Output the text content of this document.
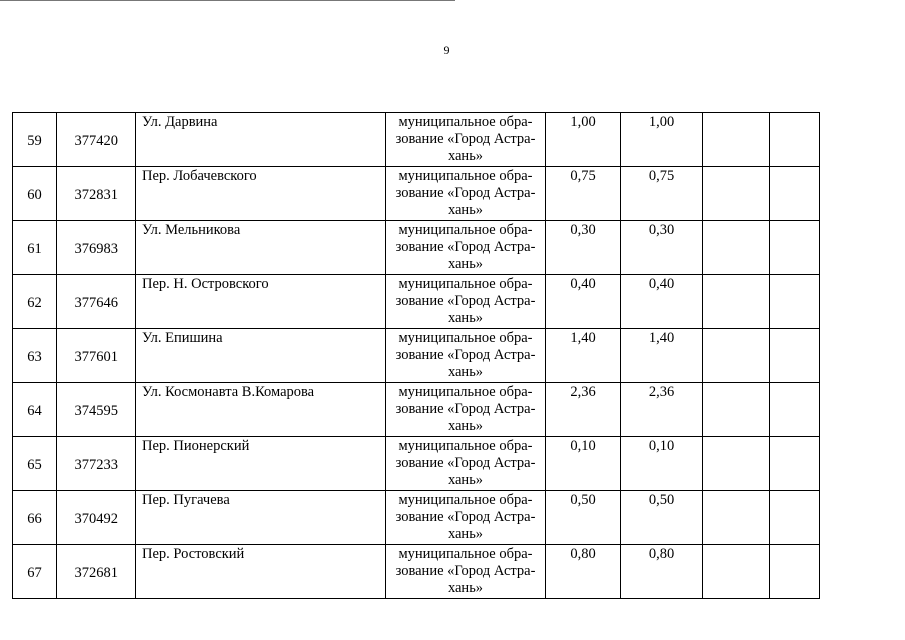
9
59	377420	Ул. Дарвина	муниципальное обра-
зование «Город Астра-
хань»	1,00	1,00		
60	372831	Пер. Лобачевского	муниципальное обра-
зование «Город Астра-
хань»	0,75	0,75		
61	376983	Ул. Мельникова	муниципальное обра-
зование «Город Астра-
хань»	0,30	0,30		
62	377646	Пер. Н. Островского	муниципальное обра-
зование «Город Астра-
хань»	0,40	0,40		
63	377601	Ул. Епишина	муниципальное обра-
зование «Город Астра-
хань»	1,40	1,40		
64	374595	Ул. Космонавта В.Комарова	муниципальное обра-
зование «Город Астра-
хань»	2,36	2,36		
65	377233	Пер. Пионерский	муниципальное обра-
зование «Город Астра-
хань»	0,10	0,10		
66	370492	Пер. Пугачева	муниципальное обра-
зование «Город Астра-
хань»	0,50	0,50		
67	372681	Пер. Ростовский	муниципальное обра-
зование «Город Астра-
хань»	0,80	0,80		
